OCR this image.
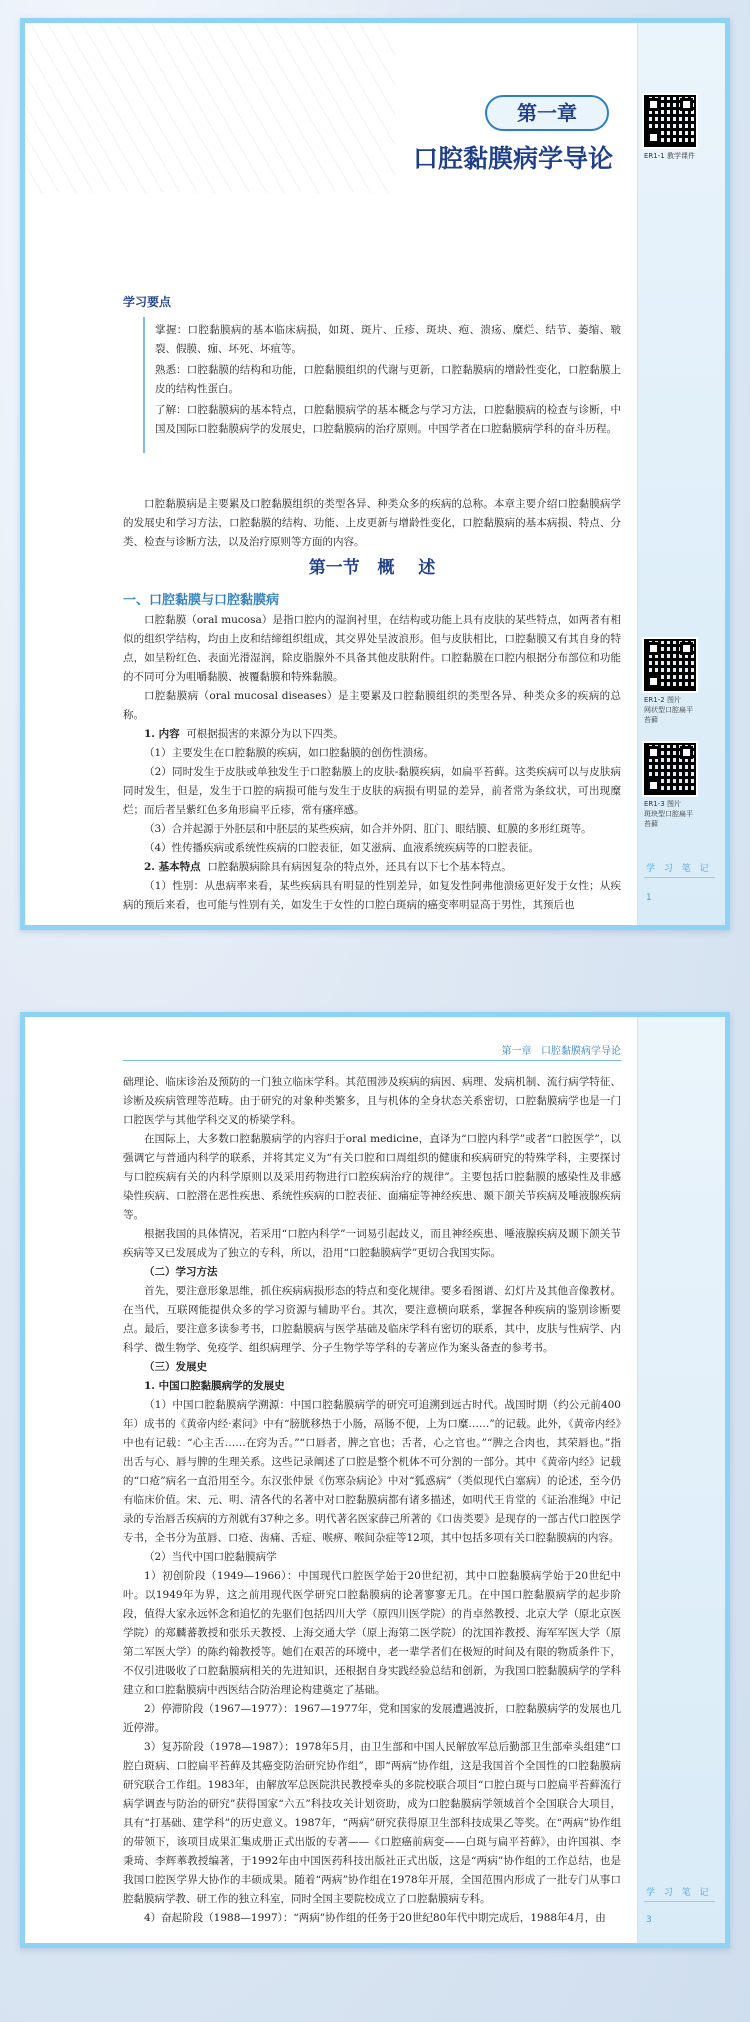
第一章
口腔黏膜病学导论	ER1-1 教学课件
ER1-2 图片
网状型口腔扁平
苔藓
ER1-3 图片
斑块型口腔扁平
苔藓
学 习 笔 记
1
学习要点
掌握：口腔黏膜病的基本临床病损，如斑、斑片、丘疹、斑块、疱、溃疡、糜烂、结节、萎缩、皲裂、假膜、痂、坏死、坏疽等。
熟悉：口腔黏膜的结构和功能，口腔黏膜组织的代谢与更新，口腔黏膜病的增龄性变化，口腔黏膜上皮的结构性蛋白。
了解：口腔黏膜病的基本特点，口腔黏膜病学的基本概念与学习方法，口腔黏膜病的检查与诊断，中国及国际口腔黏膜病学的发展史，口腔黏膜病的治疗原则。中国学者在口腔黏膜病学科的奋斗历程。
口腔黏膜病是主要累及口腔黏膜组织的类型各异、种类众多的疾病的总称。本章主要介绍口腔黏膜病学的发展史和学习方法，口腔黏膜的结构、功能、上皮更新与增龄性变化，口腔黏膜病的基本病损、特点、分类、检查与诊断方法，以及治疗原则等方面的内容。
第一节   概    述
一、口腔黏膜与口腔黏膜病
口腔黏膜（oral mucosa）是指口腔内的湿润衬里，在结构或功能上具有皮肤的某些特点，如两者有相似的组织学结构，均由上皮和结缔组织组成，其交界处呈波浪形。但与皮肤相比，口腔黏膜又有其自身的特点，如呈粉红色、表面光滑湿润，除皮脂腺外不具备其他皮肤附件。口腔黏膜在口腔内根据分布部位和功能的不同可分为咀嚼黏膜、被覆黏膜和特殊黏膜。
口腔黏膜病（oral mucosal diseases）是主要累及口腔黏膜组织的类型各异、种类众多的疾病的总称。
1. 内容 可根据损害的来源分为以下四类。
（1）主要发生在口腔黏膜的疾病，如口腔黏膜的创伤性溃疡。
（2）同时发生于皮肤或单独发生于口腔黏膜上的皮肤-黏膜疾病，如扁平苔藓。这类疾病可以与皮肤病同时发生，但是，发生于口腔的病损可能与发生于皮肤的病损有明显的差异，前者常为条纹状，可出现糜烂；而后者呈紫红色多角形扁平丘疹，常有瘙痒感。
（3）合并起源于外胚层和中胚层的某些疾病，如合并外阴、肛门、眼结膜、虹膜的多形红斑等。
（4）性传播疾病或系统性疾病的口腔表征，如艾滋病、血液系统疾病等的口腔表征。
2. 基本特点 口腔黏膜病除具有病因复杂的特点外，还具有以下七个基本特点。
（1）性别：从患病率来看，某些疾病具有明显的性别差异，如复发性阿弗他溃疡更好发于女性；从疾病的预后来看，也可能与性别有关，如发生于女性的口腔白斑病的癌变率明显高于男性，其预后也
第一章   口腔黏膜病学导论
学 习 笔 记
3
础理论、临床诊治及预防的一门独立临床学科。其范围涉及疾病的病因、病理、发病机制、流行病学特征、诊断及疾病管理等范畴。由于研究的对象种类繁多，且与机体的全身状态关系密切，口腔黏膜病学也是一门口腔医学与其他学科交叉的桥梁学科。
在国际上，大多数口腔黏膜病学的内容归于oral medicine，直译为“口腔内科学”或者“口腔医学”，以强调它与普通内科学的联系，并将其定义为“有关口腔和口周组织的健康和疾病研究的特殊学科，主要探讨与口腔疾病有关的内科学原则以及采用药物进行口腔疾病治疗的规律”。主要包括口腔黏膜的感染性及非感染性疾病、口腔潜在恶性疾患、系统性疾病的口腔表征、面痛症等神经疾患、颞下颌关节疾病及唾液腺疾病等。
根据我国的具体情况，若采用“口腔内科学”一词易引起歧义，而且神经疾患、唾液腺疾病及颞下颌关节疾病等又已发展成为了独立的专科，所以，沿用“口腔黏膜病学”更切合我国实际。
（二）学习方法
首先，要注意形象思维，抓住疾病病损形态的特点和变化规律。要多看图谱、幻灯片及其他音像教材。在当代，互联网能提供众多的学习资源与辅助平台。其次，要注意横向联系，掌握各种疾病的鉴别诊断要点。最后，要注意多读参考书，口腔黏膜病与医学基础及临床学科有密切的联系，其中，皮肤与性病学、内科学、微生物学、免疫学、组织病理学、分子生物学等学科的专著应作为案头备查的参考书。
（三）发展史
1. 中国口腔黏膜病学的发展史
（1）中国口腔黏膜病学溯源：中国口腔黏膜病学的研究可追溯到远古时代。战国时期（约公元前400年）成书的《黄帝内经·素问》中有“膀胱移热于小肠，鬲肠不便，上为口糜……”的记载。此外，《黄帝内经》中也有记载：“心主舌……在窍为舌。”“口唇者，脾之官也；舌者，心之官也。”“脾之合肉也，其荣唇也。”指出舌与心、唇与脾的生理关系。这些记录阐述了口腔是整个机体不可分割的一部分。其中《黄帝内经》记载的“口疮”病名一直沿用至今。东汉张仲景《伤寒杂病论》中对“狐惑病”（类似现代白塞病）的论述，至今仍有临床价值。宋、元、明、清各代的名著中对口腔黏膜病都有诸多描述，如明代王肯堂的《证治准绳》中记录的专治唇舌疾病的方剂就有37种之多。明代著名医家薛己所著的《口齿类要》是现存的一部古代口腔医学专书，全书分为茧唇、口疮、齿痛、舌症、喉痹、喉间杂症等12项，其中包括多项有关口腔黏膜病的内容。
（2）当代中国口腔黏膜病学
1）初创阶段（1949—1966）：中国现代口腔医学始于20世纪初，其中口腔黏膜病学始于20世纪中叶。以1949年为界，这之前用现代医学研究口腔黏膜病的论著寥寥无几。在中国口腔黏膜病学的起步阶段，值得大家永远怀念和追忆的先驱们包括四川大学（原四川医学院）的肖卓然教授、北京大学（原北京医学院）的郑麟蕃教授和张乐天教授、上海交通大学（原上海第二医学院）的沈国祚教授、海军军医大学（原第二军医大学）的陈约翰教授等。她们在艰苦的环境中，老一辈学者们在极短的时间及有限的物质条件下，不仅引进吸收了口腔黏膜病相关的先进知识，还根据自身实践经验总结和创新，为我国口腔黏膜病学的学科建立和口腔黏膜病中西医结合防治理论构建奠定了基础。
2）停滞阶段（1967—1977）：1967—1977年，党和国家的发展遭遇波折，口腔黏膜病学的发展也几近停滞。
3）复苏阶段（1978—1987）：1978年5月，由卫生部和中国人民解放军总后勤部卫生部牵头组建“口腔白斑病、口腔扁平苔藓及其癌变防治研究协作组”，即“两病”协作组，这是我国首个全国性的口腔黏膜病研究联合工作组。1983年，由解放军总医院洪民教授牵头的多院校联合项目“口腔白斑与口腔扁平苔藓流行病学调查与防治的研究”获得国家“六五”科技攻关计划资助，成为口腔黏膜病学领域首个全国联合大项目，具有“打基础、建学科”的历史意义。1987年，“两病”研究获得原卫生部科技成果乙等奖。在“两病”协作组的带领下，该项目成果汇集成册正式出版的专著——《口腔癌前病变——白斑与扁平苔藓》，由许国祺、李秉琦、李辉菶教授编著，于1992年由中国医药科技出版社正式出版，这是“两病”协作组的工作总结，也是我国口腔医学界大协作的丰硕成果。随着“两病”协作组在1978年开展，全国范围内形成了一批专门从事口腔黏膜病学教、研工作的独立科室，同时全国主要院校成立了口腔黏膜病专科。
4）奋起阶段（1988—1997）：“两病”协作组的任务于20世纪80年代中期完成后，1988年4月，由
